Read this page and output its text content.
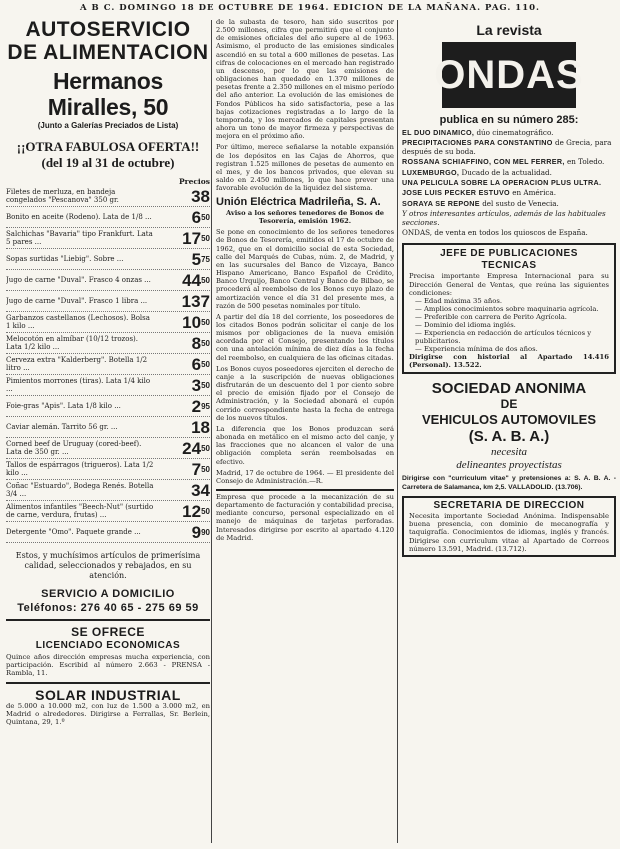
A B C. DOMINGO 18 DE OCTUBRE DE 1964. EDICION DE LA MAÑANA. PAG. 110.
AUTOSERVICIO
DE ALIMENTACION
Hermanos Miralles, 50
(Junto a Galerías Preciados de Lista)
¡¡OTRA FABULOSA OFERTA!!
(del 19 al 31 de octubre)
Precios
Filetes de merluza, en bandeja congelados "Pescanova" 350 gr.	38
Bonito en aceite (Rodeno). Lata de 1/8 ... $6^{50}$
Salchichas "Bavaria" tipo Frankfurt. Lata 5 pares ...	$17^{50}$
Sopas surtidas "Liebig". Sobre ...	$5^{75}$
Jugo de carne "Duval". Frasco 4 onzas ...	$44^{50}$
Jugo de carne "Duval". Frasco 1 libra ...	137
Garbanzos castellanos (Lechosos). Bolsa 1 kilo ...	$10^{50}$
Melocotón en almíbar (10/12 trozos). Lata 1/2 kilo ...	$8^{50}$
Cerveza extra "Kalderberg". Botella 1/2 litro ...	$6^{50}$
Pimientos morrones (tiras). Lata 1/4 kilo ...	$3^{50}$
Foie-gras "Apis". Lata 1/8 kilo ...	$2^{95}$
Caviar alemán. Tarrito 56 gr. ...	18
Corned beef de Uruguay (cored-beef). Lata de 350 gr. ...	$24^{50}$
Tallos de espárragos (trigueros). Lata 1/2 kilo ...	$7^{50}$
Coñac "Estuardo", Bodega Renés. Botella 3/4 ...	34
Alimentos infantiles "Beech-Nut" (surtido de carne, verdura, frutas) ...	$12^{50}$
Detergente "Omo". Paquete grande ...	$9^{90}$
Estos, y muchísimos artículos de primerísima calidad, seleccionados y rebajados, en su atención.
SERVICIO A DOMICILIO
Teléfonos: 276 40 65 - 275 69 59
SE OFRECE
LICENCIADO ECONOMICAS
Quince años dirección empresas mucha experiencia, con participación. Escribid al número 2.663 - PRENSA - Rambla, 11.
SOLAR INDUSTRIAL
de 5.000 a 10.000 m2, con luz de 1.500 a 3.000 m2, en Madrid o alrededores. Dirigirse a Ferrallas, Sr. Berlein, Quintana, 29, 1.º
de la subasta de tesoro, han sido suscritos por 2.500 millones, cifra que permitirá que el conjunto de emisiones oficiales del año supere al de 1963. Asimismo, el producto de las emisiones sindicales ascendió en su total a 600 millones de pesetas. Las cifras de colocaciones en el mercado han registrado un descenso, por lo que las emisiones de obligaciones han quedado en 1.370 millones de pesetas frente a 2.350 millones en el mismo período del año anterior. La evolución de las emisiones de Fondos Públicos ha sido satisfactoria, pese a las bajas cotizaciones registradas a lo largo de la temporada, y los mercados de capitales presentan ahora un tono de mayor firmeza y perspectivas de mejora en el próximo año.
Por último, merece señalarse la notable expansión de los depósitos en las Cajas de Ahorros, que registran 1.525 millones de pesetas de aumento en el mes, y de los bancos privados, que elevan su saldo en 2.450 millones, lo que hace prever una favorable evolución de la liquidez del sistema.
Unión Eléctrica Madrileña, S. A.
Aviso a los señores tenedores de Bonos de Tesorería, emisión 1962.
Se pone en conocimiento de los señores tenedores de Bonos de Tesorería, emitidos el 17 de octubre de 1962, que en el domicilio social de esta Sociedad, calle del Marqués de Cubas, núm. 2, de Madrid, y en las sucursales del Banco de Vizcaya, Banco Hispano Americano, Banco Español de Crédito, Banco Urquijo, Banco Central y Banco de Bilbao, se procederá al reembolso de los Bonos cuyo plazo de amortización vence el día 31 del presente mes, a razón de 500 pesetas nominales por título.
A partir del día 18 del corriente, los poseedores de los citados Bonos podrán solicitar el canje de los mismos por obligaciones de la nueva emisión acordada por el Consejo, presentando los títulos con una antelación mínima de diez días a la fecha del reembolso, en cualquiera de las oficinas citadas.
Los Bonos cuyos poseedores ejerciten el derecho de canje a la suscripción de nuevas obligaciones disfrutarán de un descuento del 1 por ciento sobre el precio de emisión fijado por el Consejo de Administración, y la Sociedad abonará el cupón corrido correspondiente hasta la fecha de entrega de los nuevos títulos.
La diferencia que los Bonos produzcan será abonada en metálico en el mismo acto del canje, y las fracciones que no alcancen el valor de una obligación completa serán reembolsadas en efectivo.
Madrid, 17 de octubre de 1964. — El presidente del Consejo de Administración.—R.
Empresa que procede a la mecanización de su departamento de facturación y contabilidad precisa, mediante concurso, personal especializado en el manejo de máquinas de tarjetas perforadas. Interesados dirigirse por escrito al apartado 4.120 de Madrid.
La revista
ONDAS
publica en su número 285:
EL DUO DINAMICO, dúo cinematográfico.
PRECIPITACIONES PARA CONSTANTINO de Grecia, para después de su boda.
ROSSANA SCHIAFFINO, CON MEL FERRER, en Toledo.
LUXEMBURGO, Ducado de la actualidad.
UNA PELICULA SOBRE LA OPERACION PLUS ULTRA.
JOSE LUIS PECKER ESTUVO en América.
SORAYA SE REPONE del susto de Venecia.
Y otros interesantes artículos, además de las habituales secciones.
ONDAS, de venta en todos los quioscos de España.
JEFE DE PUBLICACIONES
TECNICAS
Precisa importante Empresa Internacional para su Dirección General de Ventas, que reúna las siguientes condiciones:
— Edad máxima 35 años.
— Amplios conocimientos sobre maquinaria agrícola.
— Preferible con carrera de Perito Agrícola.
— Dominio del idioma inglés.
— Experiencia en redacción de artículos técnicos y publicitarios.
— Experiencia mínima de dos años.
Dirigirse con historial al Apartado 14.416 (Personal). 13.522.
SOCIEDAD ANONIMA
DE
VEHICULOS AUTOMOVILES
(S. A. B. A.)
necesita
delineantes proyectistas
Dirigirse con "curriculum vitae" y pretensiones a: S. A. B. A. - Carretera de Salamanca, km 2,5. VALLADOLID. (13.706).
SECRETARIA DE DIRECCION
Necesita importante Sociedad Anónima. Indispensable buena presencia, con dominio de mecanografía y taquigrafía. Conocimientos de idiomas, inglés y francés. Dirigirse con curriculum vitae al Apartado de Correos número 13.591, Madrid. (13.712).
